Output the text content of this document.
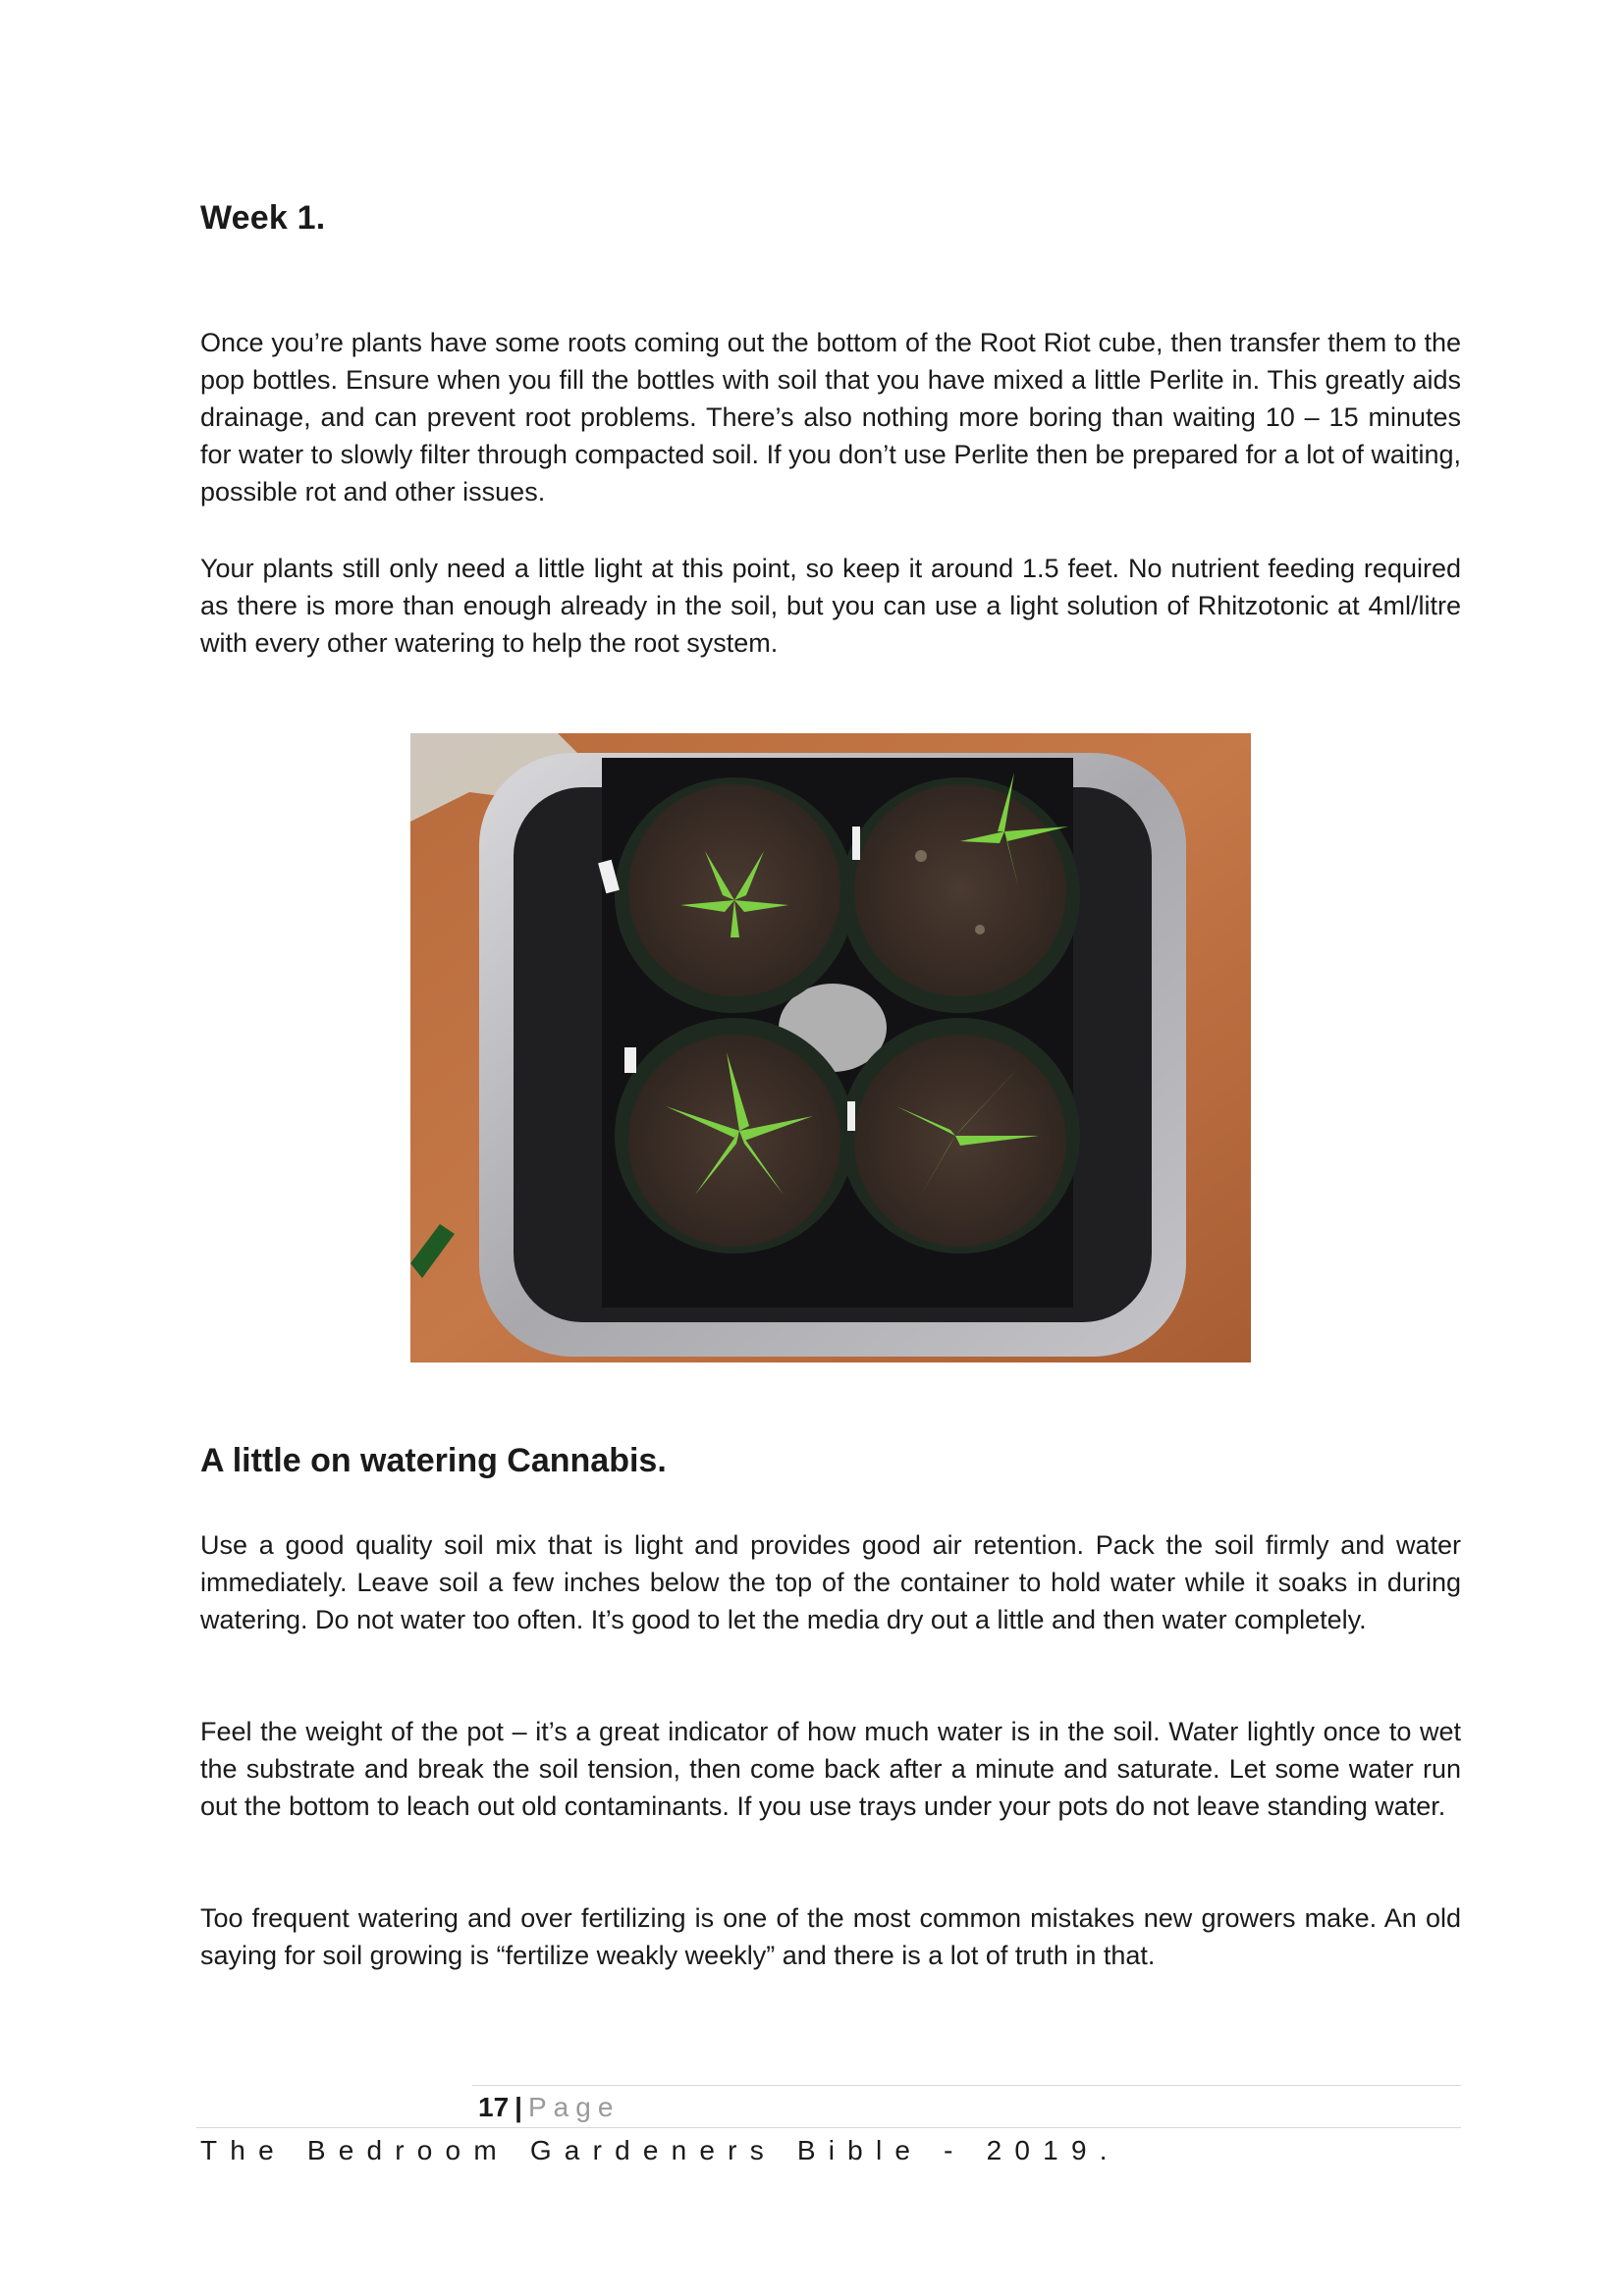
Week 1.

Once you’re plants have some roots coming out the bottom of the Root Riot cube, then transfer them to the pop bottles. Ensure when you fill the bottles with soil that you have mixed a little Perlite in. This greatly aids drainage, and can prevent root problems. There’s also nothing more boring than waiting 10 – 15 minutes for water to slowly filter through compacted soil. If you don’t use Perlite then be prepared for a lot of waiting, possible rot and other issues.

Your plants still only need a little light at this point, so keep it around 1.5 feet. No nutrient feeding required as there is more than enough already in the soil, but you can use a light solution of Rhitzotonic at 4ml/litre with every other watering to help the root system.

A little on watering Cannabis.

Use a good quality soil mix that is light and provides good air retention. Pack the soil firmly and water immediately. Leave soil a few inches below the top of the container to hold water while it soaks in during watering. Do not water too often. It’s good to let the media dry out a little and then water completely.

Feel the weight of the pot – it’s a great indicator of how much water is in the soil. Water lightly once to wet the substrate and break the soil tension, then come back after a minute and saturate. Let some water run out the bottom to leach out old contaminants. If you use trays under your pots do not leave standing water.

Too frequent watering and over fertilizing is one of the most common mistakes new growers make. An old saying for soil growing is “fertilize weakly weekly” and there is a lot of truth in that.

17 | Page
The Bedroom Gardeners Bible - 2019.
